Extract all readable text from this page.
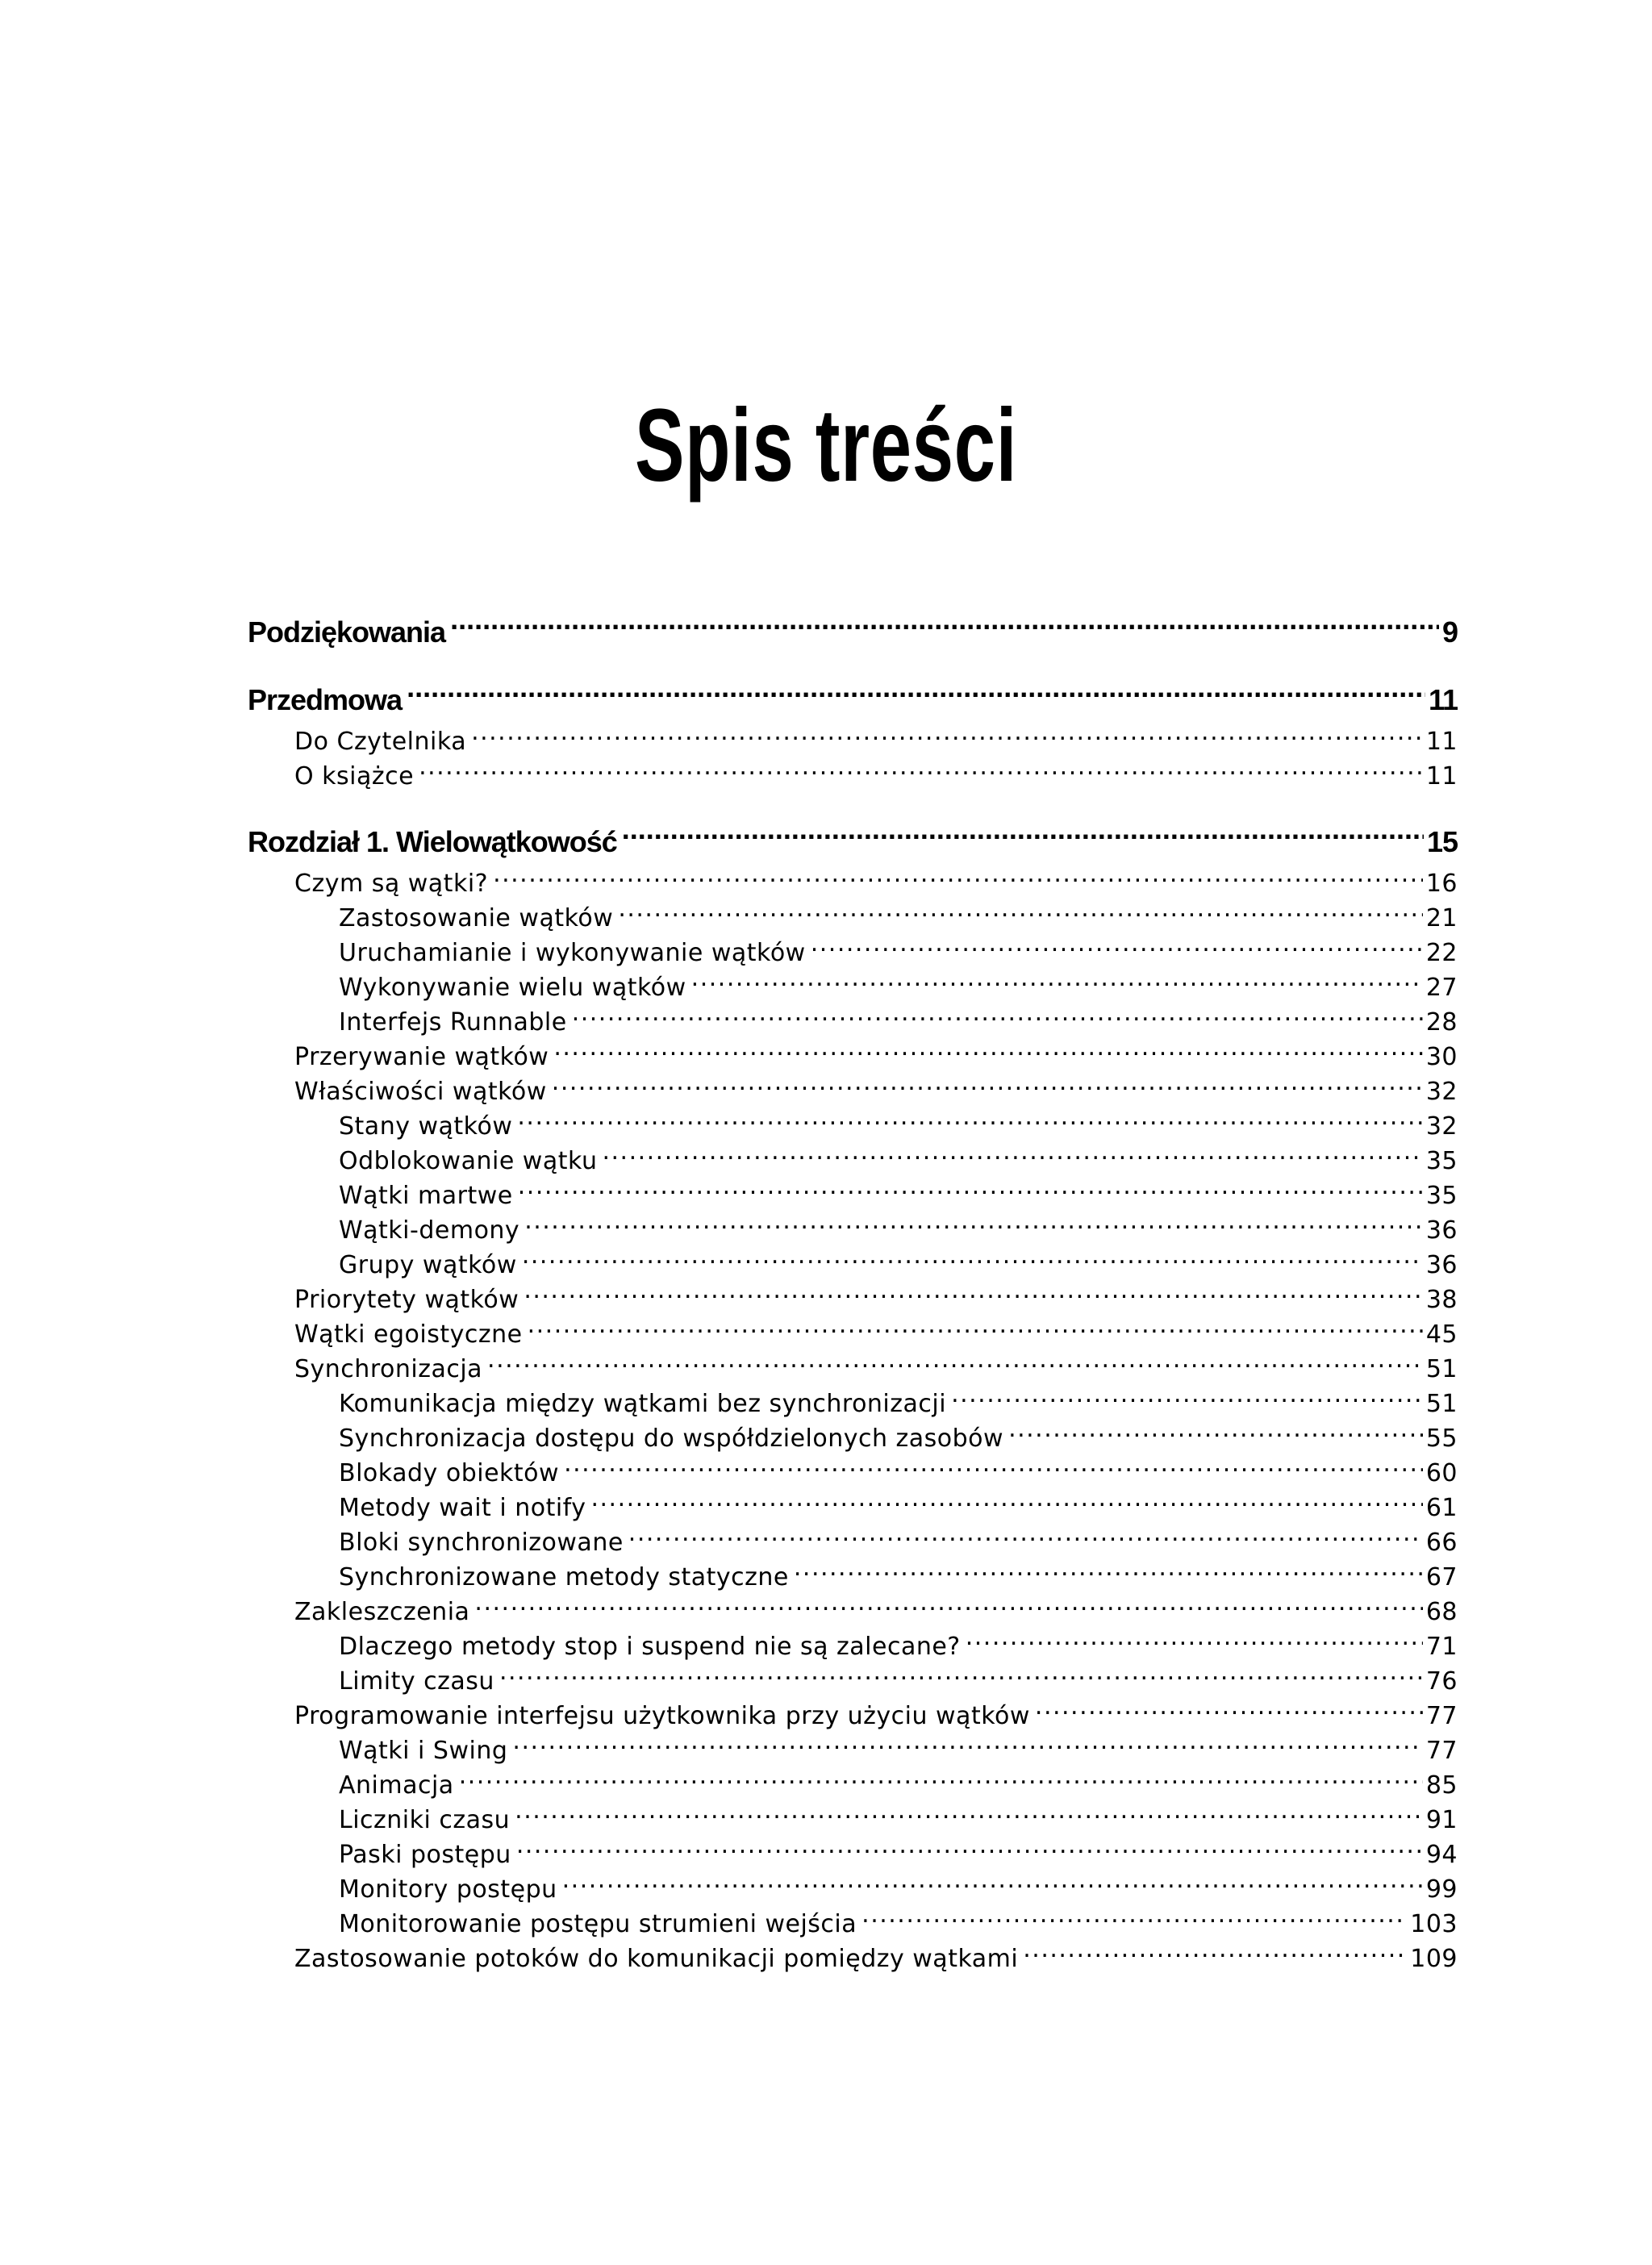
Spis treści
Podziękowania .....	9
Przedmowa .....	11
Do Czytelnika .....	11
O książce .....	11
Rozdział 1. Wielowątkowość .....	15
Czym są wątki? .....	16
Zastosowanie wątków .....	21
Uruchamianie i wykonywanie wątków .....	22
Wykonywanie wielu wątków .....	27
Interfejs Runnable .....	28
Przerywanie wątków .....	30
Właściwości wątków .....	32
Stany wątków .....	32
Odblokowanie wątku .....	35
Wątki martwe .....	35
Wątki-demony .....	36
Grupy wątków .....	36
Priorytety wątków .....	38
Wątki egoistyczne .....	45
Synchronizacja .....	51
Komunikacja między wątkami bez synchronizacji .....	51
Synchronizacja dostępu do współdzielonych zasobów .....	55
Blokady obiektów .....	60
Metody wait i notify .....	61
Bloki synchronizowane .....	66
Synchronizowane metody statyczne .....	67
Zakleszczenia .....	68
Dlaczego metody stop i suspend nie są zalecane? .....	71
Limity czasu .....	76
Programowanie interfejsu użytkownika przy użyciu wątków .....	77
Wątki i Swing .....	77
Animacja .....	85
Liczniki czasu .....	91
Paski postępu .....	94
Monitory postępu .....	99
Monitorowanie postępu strumieni wejścia .....	103
Zastosowanie potoków do komunikacji pomiędzy wątkami .....	109
